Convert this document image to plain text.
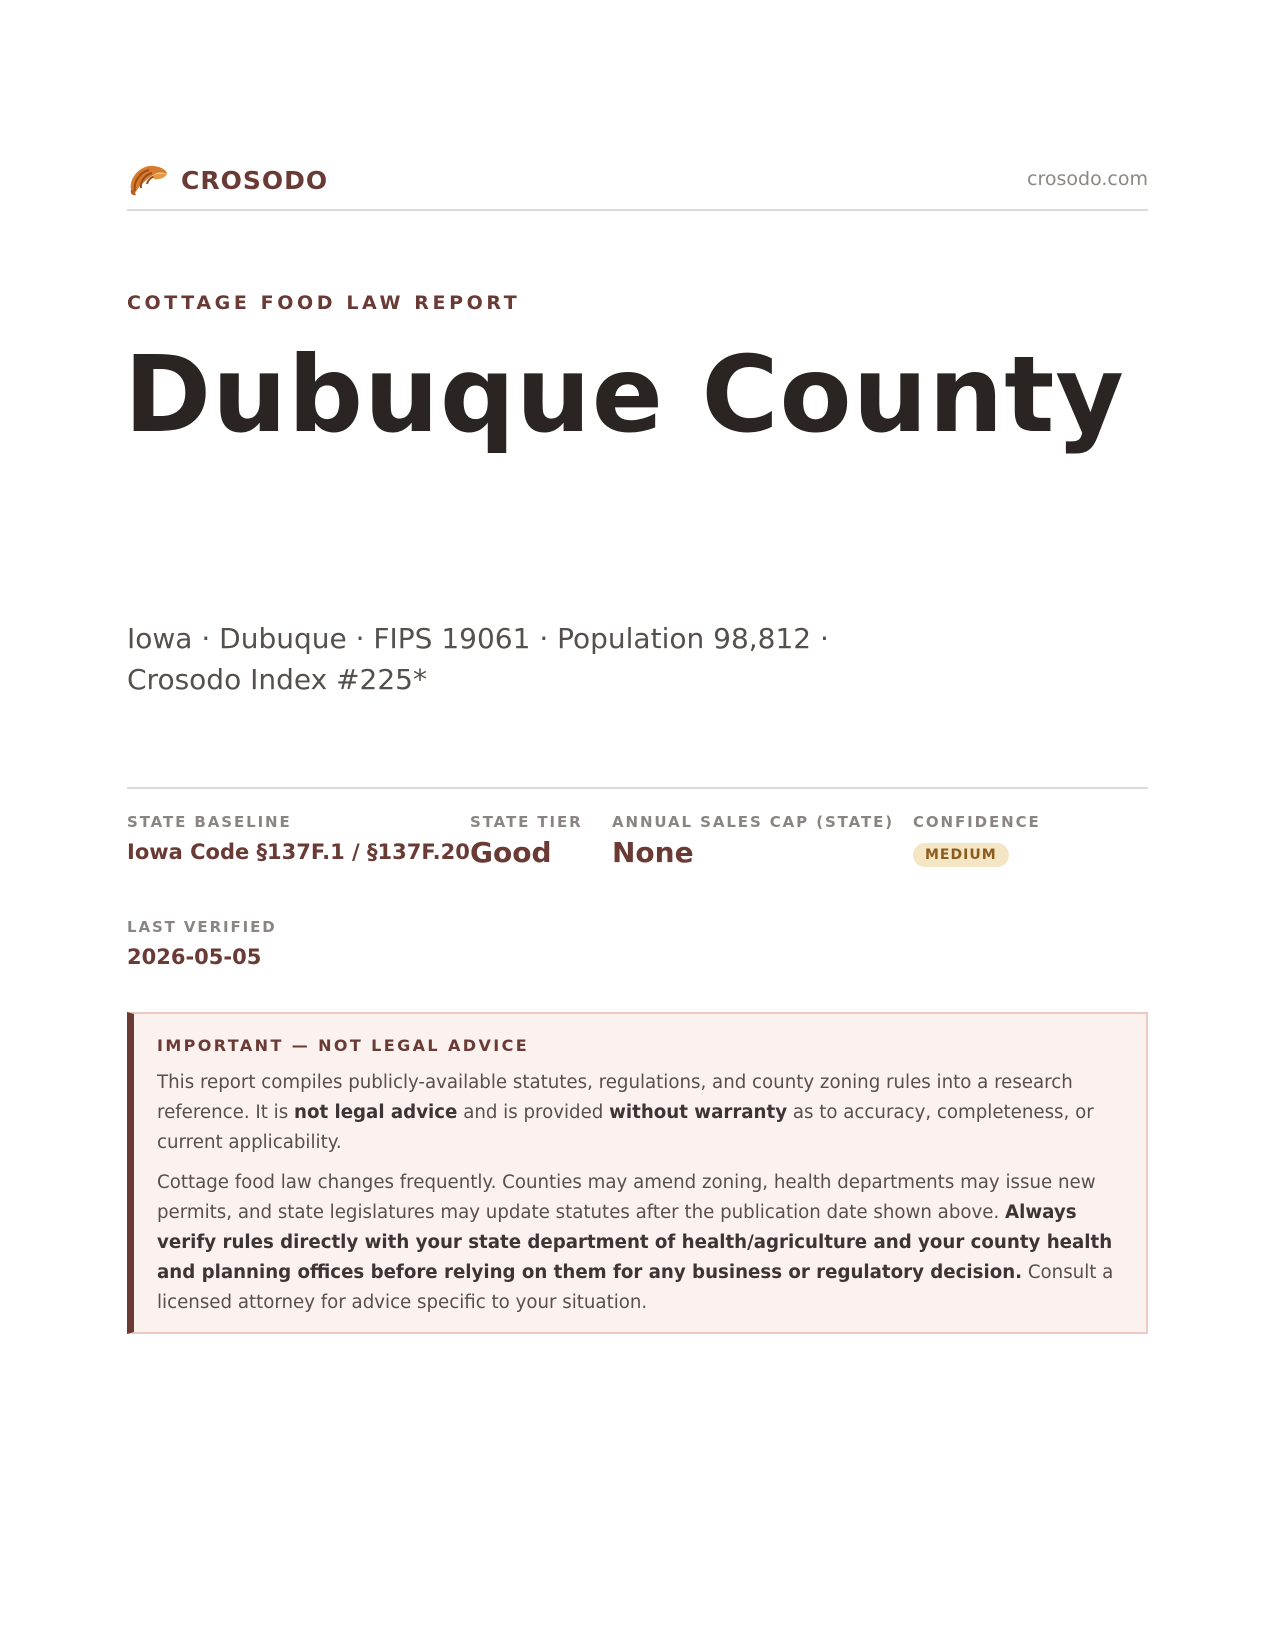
CROSODO	crosodo.com
COTTAGE FOOD LAW REPORT
Dubuque County
Iowa · Dubuque · FIPS 19061 · Population 98,812 · Crosodo Index #225*
STATE BASELINE
Iowa Code §137F.1 / §137F.20
STATE TIER
Good
ANNUAL SALES CAP (STATE)
None
CONFIDENCE
MEDIUM
LAST VERIFIED
2026-05-05
IMPORTANT — NOT LEGAL ADVICE

This report compiles publicly-available statutes, regulations, and county zoning rules into a research reference. It is not legal advice and is provided without warranty as to accuracy, completeness, or current applicability.

Cottage food law changes frequently. Counties may amend zoning, health departments may issue new permits, and state legislatures may update statutes after the publication date shown above. Always verify rules directly with your state department of health/agriculture and your county health and planning offices before relying on them for any business or regulatory decision. Consult a licensed attorney for advice specific to your situation.
